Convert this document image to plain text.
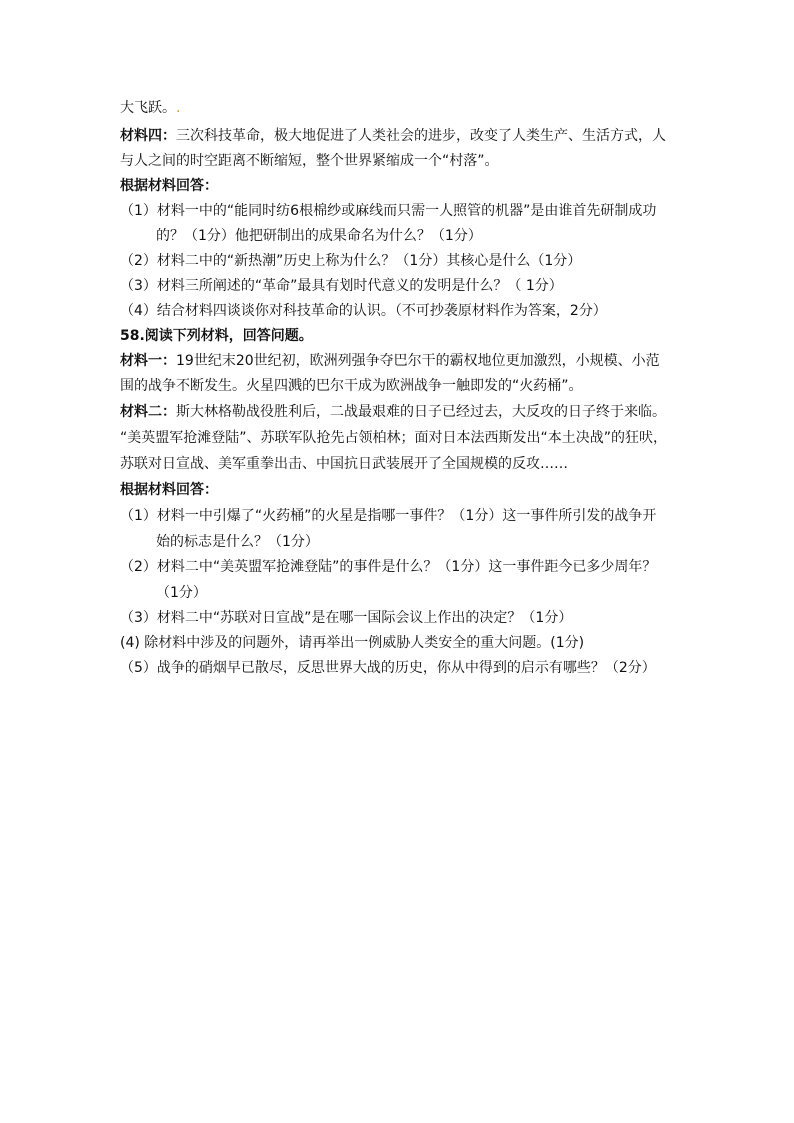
大飞跃。.
材料四：三次科技革命，极大地促进了人类社会的进步，改变了人类生产、生活方式，人
与人之间的时空距离不断缩短，整个世界紧缩成一个“村落”。
根据材料回答：
（1）材料一中的“能同时纺6根棉纱或麻线而只需一人照管的机器”是由谁首先研制成功
的？（1分）他把研制出的成果命名为什么？（1分）
（2）材料二中的“新热潮”历史上称为什么？（1分）其核心是什么（1分）
（3）材料三所阐述的“革命”最具有划时代意义的发明是什么？（ 1分）
（4）结合材料四谈谈你对科技革命的认识。（不可抄袭原材料作为答案，2分）
58.阅读下列材料，回答问题。
材料一：19世纪末20世纪初，欧洲列强争夺巴尔干的霸权地位更加激烈，小规模、小范
围的战争不断发生。火星四溅的巴尔干成为欧洲战争一触即发的“火药桶”。
材料二：斯大林格勒战役胜利后，二战最艰难的日子已经过去，大反攻的日子终于来临。
“美英盟军抢滩登陆”、苏联军队抢先占领柏林；面对日本法西斯发出“本土决战”的狂吠，
苏联对日宣战、美军重拳出击、中国抗日武装展开了全国规模的反攻……
根据材料回答：
（1）材料一中引爆了“火药桶”的火星是指哪一事件？（1分）这一事件所引发的战争开
始的标志是什么？（1分）
（2）材料二中“美英盟军抢滩登陆”的事件是什么？（1分）这一事件距今已多少周年？
（1分）
（3）材料二中“苏联对日宣战”是在哪一国际会议上作出的决定？（1分）
(4) 除材料中涉及的问题外，请再举出一例威胁人类安全的重大问题。(1分)
（5）战争的硝烟早已散尽，反思世界大战的历史，你从中得到的启示有哪些？（2分）
